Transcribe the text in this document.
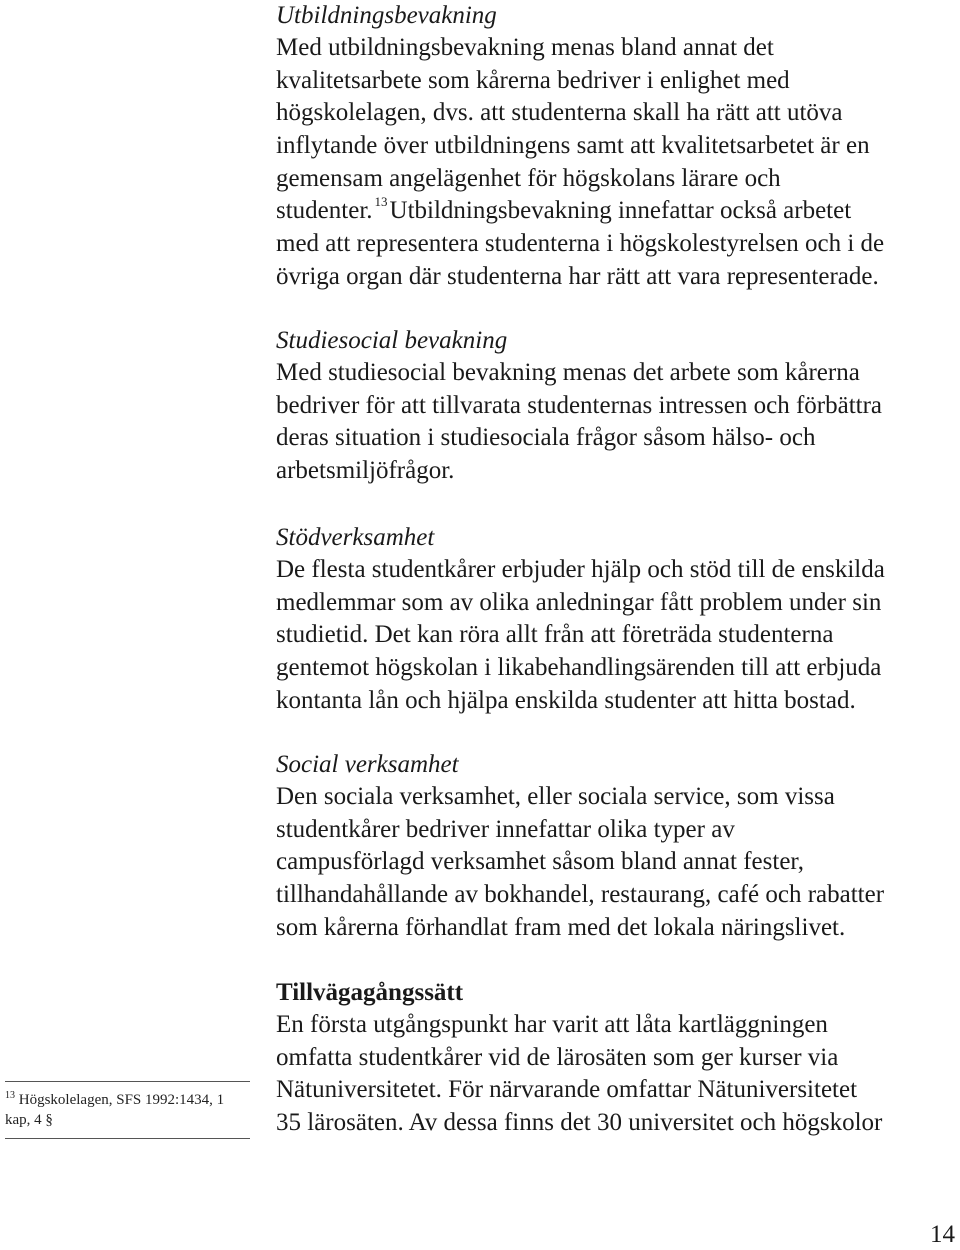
Utbildningsbevakning
Med utbildningsbevakning menas bland annat det
kvalitetsarbete som kårerna bedriver i enlighet med
högskolelagen, dvs. att studenterna skall ha rätt att utöva
inflytande över utbildningens samt att kvalitetsarbetet är en
gemensam angelägenhet för högskolans lärare och
studenter. $^{13}$Utbildningsbevakning innefattar också arbetet
med att representera studenterna i högskolestyrelsen och i de
övriga organ där studenterna har rätt att vara representerade.
Studiesocial bevakning
Med studiesocial bevakning menas det arbete som kårerna
bedriver för att tillvarata studenternas intressen och förbättra
deras situation i studiesociala frågor såsom hälso- och
arbetsmiljöfrågor.
Stödverksamhet
De flesta studentkårer erbjuder hjälp och stöd till de enskilda
medlemmar som av olika anledningar fått problem under sin
studietid. Det kan röra allt från att företräda studenterna
gentemot högskolan i likabehandlingsärenden till att erbjuda
kontanta lån och hjälpa enskilda studenter att hitta bostad.
Social verksamhet
Den sociala verksamhet, eller sociala service, som vissa
studentkårer bedriver innefattar olika typer av
campusförlagd verksamhet såsom bland annat fester,
tillhandahållande av bokhandel, restaurang, café och rabatter
som kårerna förhandlat fram med det lokala näringslivet.
Tillvägagångssätt
En första utgångspunkt har varit att låta kartläggningen
omfatta studentkårer vid de lärosäten som ger kurser via
Nätuniversitetet. För närvarande omfattar Nätuniversitetet
35 lärosäten. Av dessa finns det 30 universitet och högskolor
$^{13}$ Högskolelagen, SFS 1992:1434, 1
kap, 4 §
14
